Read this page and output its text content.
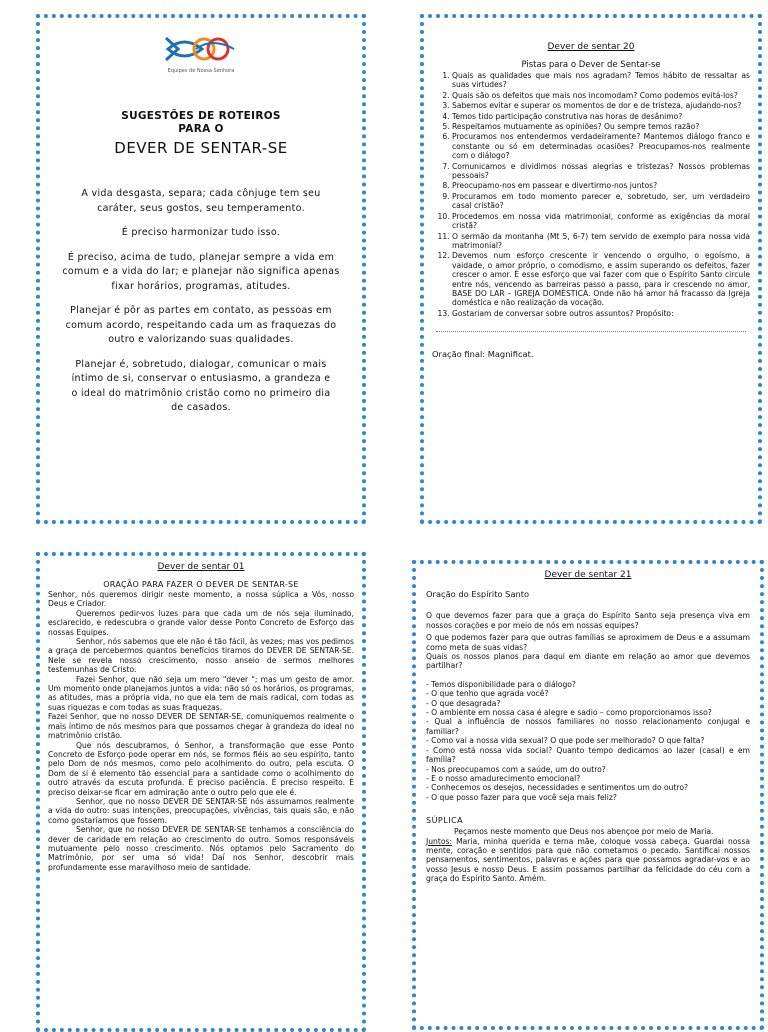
Equipes de Nossa Senhora
SUGESTÕES DE ROTEIROS
PARA O
DEVER DE SENTAR-SE

A vida desgasta, separa; cada cônjuge tem seu caráter, seus gostos, seu temperamento.

É preciso harmonizar tudo isso.

É preciso, acima de tudo, planejar sempre a vida em comum e a vida do lar; e planejar não significa apenas fixar horários, programas, atitudes.

Planejar é pôr as partes em contato, as pessoas em comum acordo, respeitando cada um as fraquezas do outro e valorizando suas qualidades.

Planejar é, sobretudo, dialogar, comunicar o mais íntimo de si, conservar o entusiasmo, a grandeza e o ideal do matrimônio cristão como no primeiro dia de casados.

Dever de sentar 20
Pistas para o Dever de Sentar-se
1. Quais as qualidades que mais nos agradam? Temos hábito de ressaltar as suas virtudes?
2. Quais são os defeitos que mais nos incomodam? Como podemos evitá-los?
3. Sabemos evitar e superar os momentos de dor e de tristeza, ajudando-nos?
4. Temos tido participação construtiva nas horas de desânimo?
5. Respeitamos mutuamente as opiniões? Ou sempre temos razão?
6. Procuramos nos entendermos verdadeiramente? Mantemos diálogo franco e constante ou só em determinadas ocasiões? Preocupamos-nos realmente com o diálogo?
7. Comunicamos e dividimos nossas alegrias e tristezas? Nossos problemas pessoais?
8. Preocupamo-nos em passear e divertirmo-nos juntos?
9. Procuramos em todo momento parecer e, sobretudo, ser, um verdadeiro casal cristão?
10. Procedemos em nossa vida matrimonial, conforme as exigências da moral cristã?
11. O sermão da montanha (Mt 5, 6-7) tem servido de exemplo para nossa vida matrimonial?
12. Devemos num esforço crescente ir vencendo o orgulho, o egoísmo, a vaidade, o amor próprio, o comodismo, e assim superando os defeitos, fazer crescer o amor. É esse esforço que vai fazer com que o Espírito Santo circule entre nós, vencendo as barreiras passo a passo, para ir crescendo no amor, BASE DO LAR – IGREJA DOMÉSTICA. Onde não há amor há fracasso da Igreja doméstica e não realização da vocação.
13. Gostariam de conversar sobre outros assuntos? Propósito:
Oração final: Magnificat.
Dever de sentar 01
ORAÇÃO PARA FAZER O DEVER DE SENTAR-SE

Senhor, nós queremos dirigir neste momento, a nossa súplica a Vós, nosso Deus e Criador.

Queremos pedir-vos luzes para que cada um de nós seja iluminado, esclarecido, e redescubra o grande valor desse Ponto Concreto de Esforço das nossas Equipes.

Senhor, nós sabemos que ele não é tão fácil, às vezes; mas vos pedimos a graça de percebermos quantos benefícios tiramos do DEVER DE SENTAR-SE. Nele se revela nosso crescimento, nosso anseio de sermos melhores testemunhas de Cristo.

Fazei Senhor, que não seja um mero "dever "; mas um gesto de amor. Um momento onde planejamos juntos a vida: não só os horários, os programas, as atitudes, mas a própria vida, no que ela tem de mais radical, com todas as suas riquezas e com todas as suas fraquezas.

Fazei Senhor, que no nosso DEVER DE SENTAR-SE, comuniquemos realmente o mais íntimo de nós mesmos para que possamos chegar à grandeza do ideal no matrimônio cristão.

Que nós descubramos, ó Senhor, a transformação que esse Ponto Concreto de Esforço pode operar em nós, se formos fiéis ao seu espírito, tanto pelo Dom de nós mesmos, como pelo acolhimento do outro, pela escuta. O Dom de si é elemento tão essencial para a santidade como o acolhimento do outro através da escuta profunda. É preciso paciência. É preciso respeito. É preciso deixar-se ficar em admiração ante o outro pelo que ele é.

Senhor, que no nosso DEVER DE SENTAR-SE nós assumamos realmente a vida do outro: suas intenções, preocupações, vivências, tais quais são, e não como gostaríamos que fossem.

Senhor, que no nosso DEVER DE SENTAR-SE tenhamos a consciência do dever de caridade em relação ao crescimento do outro. Somos responsáveis mutuamente pelo nosso crescimento. Nós optamos pelo Sacramento do Matrimônio, por ser uma só vida! Daí nos Senhor, descobrir mais profundamente esse maravilhoso meio de santidade.

Dever de sentar 21
Oração do Espírito Santo

O que devemos fazer para que a graça do Espírito Santo seja presença viva em nossos corações e por meio de nós em nossas equipes?

O que podemos fazer para que outras famílias se aproximem de Deus e a assumam como meta de suas vidas?

Quais os nossos planos para daqui em diante em relação ao amor que devemos partilhar?

- Temos disponibilidade para o diálogo?

- O que tenho que agrada você?

- O que desagrada?

- O ambiente em nossa casa é alegre e sadio – como proporcionamos isso?

- Qual a influência de nossos familiares no nosso relacionamento conjugal e familiar?

- Como vai a nossa vida sexual? O que pode ser melhorado? O que falta?

- Como está nossa vida social? Quanto tempo dedicamos ao lazer (casal) e em família?

- Nos preocupamos com a saúde, um do outro?

- E o nosso amadurecimento emocional?

- Conhecemos os desejos, necessidades e sentimentos um do outro?

- O que posso fazer para que você seja mais feliz?

SÚPLICA
Peçamos neste momento que Deus nos abençoe por meio de Maria.
Juntos: Maria, minha querida e terna mãe, coloque vossa cabeça. Guardai nossa mente, coração e sentidos para que não cometamos o pecado. Santificai nossos pensamentos, sentimentos, palavras e ações para que possamos agradar-vos e ao vosso Jesus e nosso Deus. E assim possamos partilhar da felicidade do céu com a graça do Espírito Santo. Amém.
